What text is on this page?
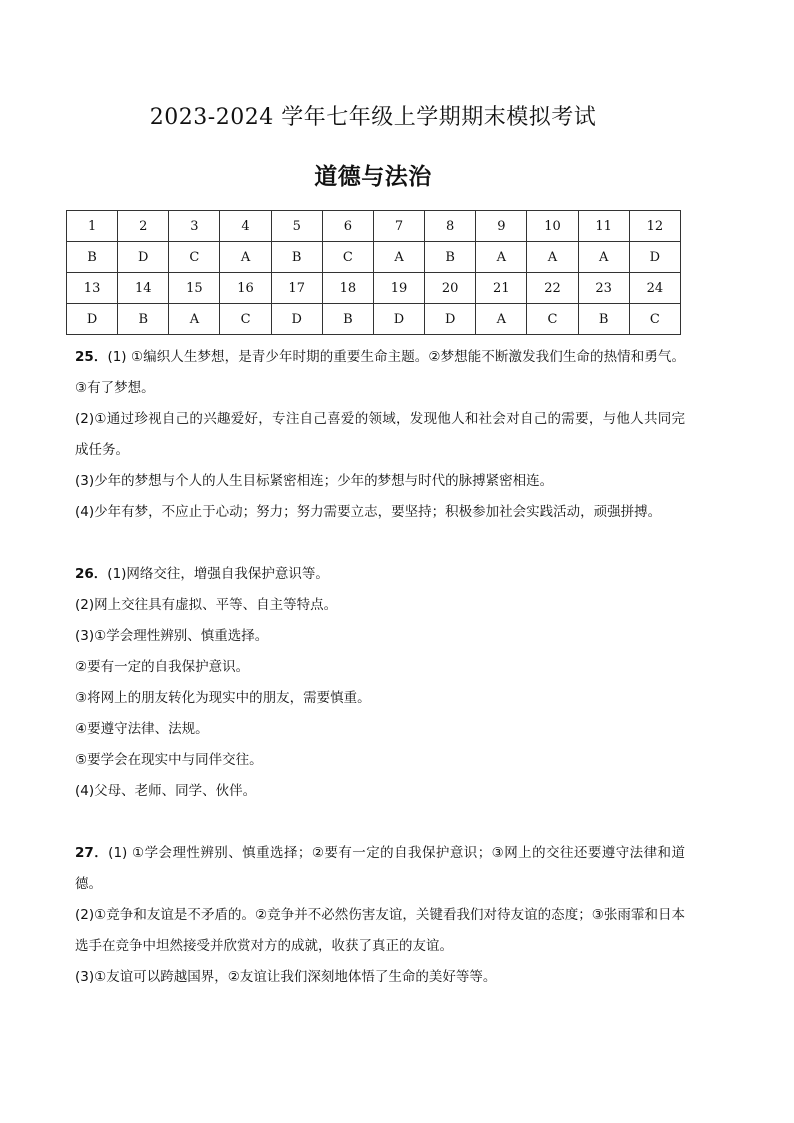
2023-2024 学年七年级上学期期末模拟考试
道德与法治
1	2	3	4	5	6	7	8	9	10	11	12
B	D	C	A	B	C	A	B	A	A	A	D
13	14	15	16	17	18	19	20	21	22	23	24
D	B	A	C	D	B	D	D	A	C	B	C

25．(1) ①编织人生梦想，是青少年时期的重要生命主题。②梦想能不断激发我们生命的热情和勇气。③有了梦想。

(2)①通过珍视自己的兴趣爱好，专注自己喜爱的领域，发现他人和社会对自己的需要，与他人共同完成任务。

(3)少年的梦想与个人的人生目标紧密相连；少年的梦想与时代的脉搏紧密相连。

(4)少年有梦，不应止于心动；努力；努力需要立志，要坚持；积极参加社会实践活动，顽强拼搏。

26．(1)网络交往，增强自我保护意识等。

(2)网上交往具有虚拟、平等、自主等特点。

(3)①学会理性辨别、慎重选择。

②要有一定的自我保护意识。

③将网上的朋友转化为现实中的朋友，需要慎重。

④要遵守法律、法规。

⑤要学会在现实中与同伴交往。

(4)父母、老师、同学、伙伴。

27．(1) ①学会理性辨别、慎重选择；②要有一定的自我保护意识；③网上的交往还要遵守法律和道德。

(2)①竞争和友谊是不矛盾的。②竞争并不必然伤害友谊，关键看我们对待友谊的态度；③张雨霏和日本选手在竞争中坦然接受并欣赏对方的成就，收获了真正的友谊。

(3)①友谊可以跨越国界，②友谊让我们深刻地体悟了生命的美好等等。
